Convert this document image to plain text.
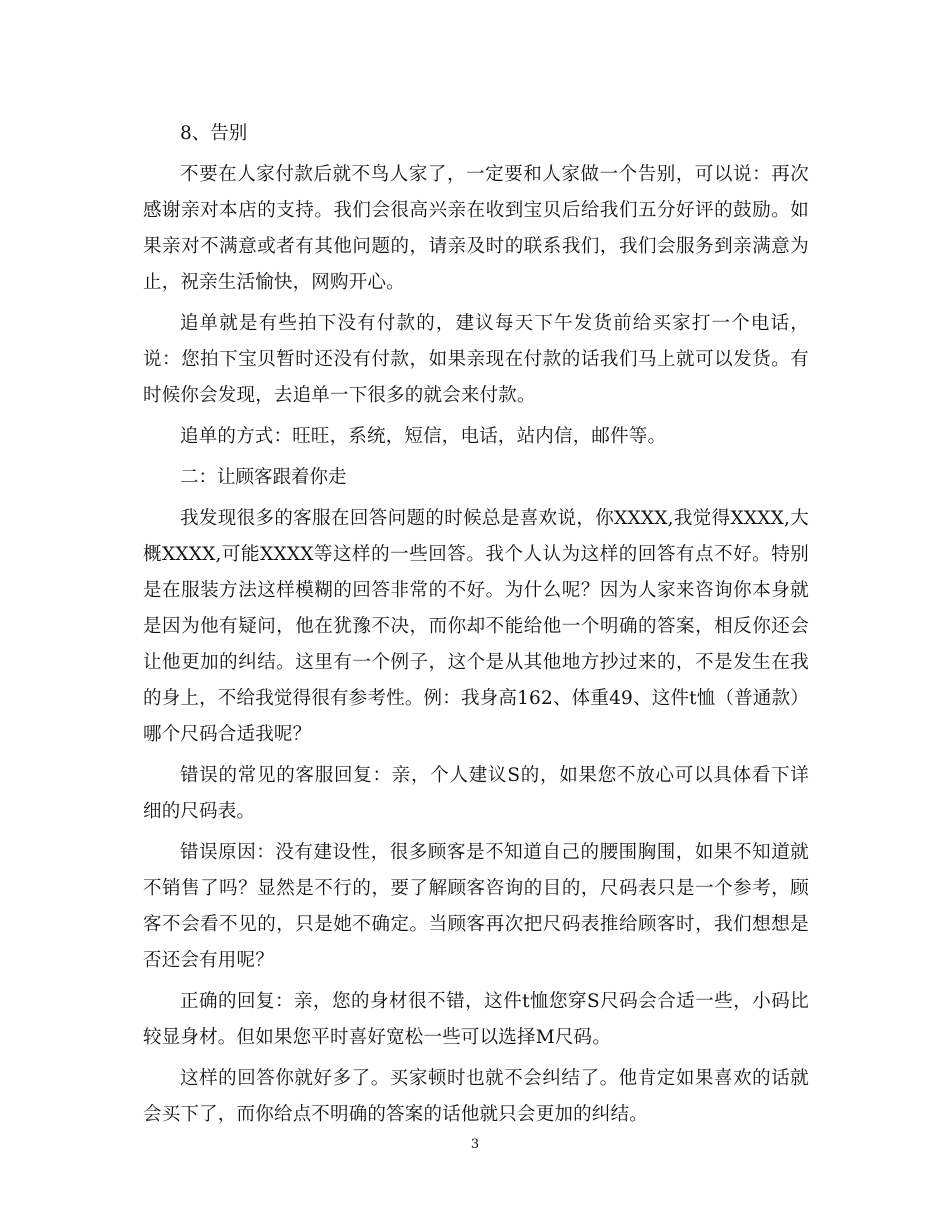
8、告别

不要在人家付款后就不鸟人家了，一定要和人家做一个告别，可以说：再次感谢亲对本店的支持。我们会很高兴亲在收到宝贝后给我们五分好评的鼓励。如果亲对不满意或者有其他问题的，请亲及时的联系我们，我们会服务到亲满意为止，祝亲生活愉快，网购开心。

追单就是有些拍下没有付款的，建议每天下午发货前给买家打一个电话，说：您拍下宝贝暂时还没有付款，如果亲现在付款的话我们马上就可以发货。有时候你会发现，去追单一下很多的就会来付款。

追单的方式：旺旺，系统，短信，电话，站内信，邮件等。

二：让顾客跟着你走

我发现很多的客服在回答问题的时候总是喜欢说，你XXXX,我觉得XXXX,大概XXXX,可能XXXX等这样的一些回答。我个人认为这样的回答有点不好。特别是在服装方法这样模糊的回答非常的不好。为什么呢？因为人家来咨询你本身就是因为他有疑问，他在犹豫不决，而你却不能给他一个明确的答案，相反你还会让他更加的纠结。这里有一个例子，这个是从其他地方抄过来的，不是发生在我的身上，不给我觉得很有参考性。例：我身高162、体重49、这件t恤（普通款）哪个尺码合适我呢？

错误的常见的客服回复：亲，个人建议S的，如果您不放心可以具体看下详细的尺码表。

错误原因：没有建设性，很多顾客是不知道自己的腰围胸围，如果不知道就不销售了吗？显然是不行的，要了解顾客咨询的目的，尺码表只是一个参考，顾客不会看不见的，只是她不确定。当顾客再次把尺码表推给顾客时，我们想想是否还会有用呢？

正确的回复：亲，您的身材很不错，这件t恤您穿S尺码会合适一些，小码比较显身材。但如果您平时喜好宽松一些可以选择M尺码。

这样的回答你就好多了。买家顿时也就不会纠结了。他肯定如果喜欢的话就会买下了，而你给点不明确的答案的话他就只会更加的纠结。

3
